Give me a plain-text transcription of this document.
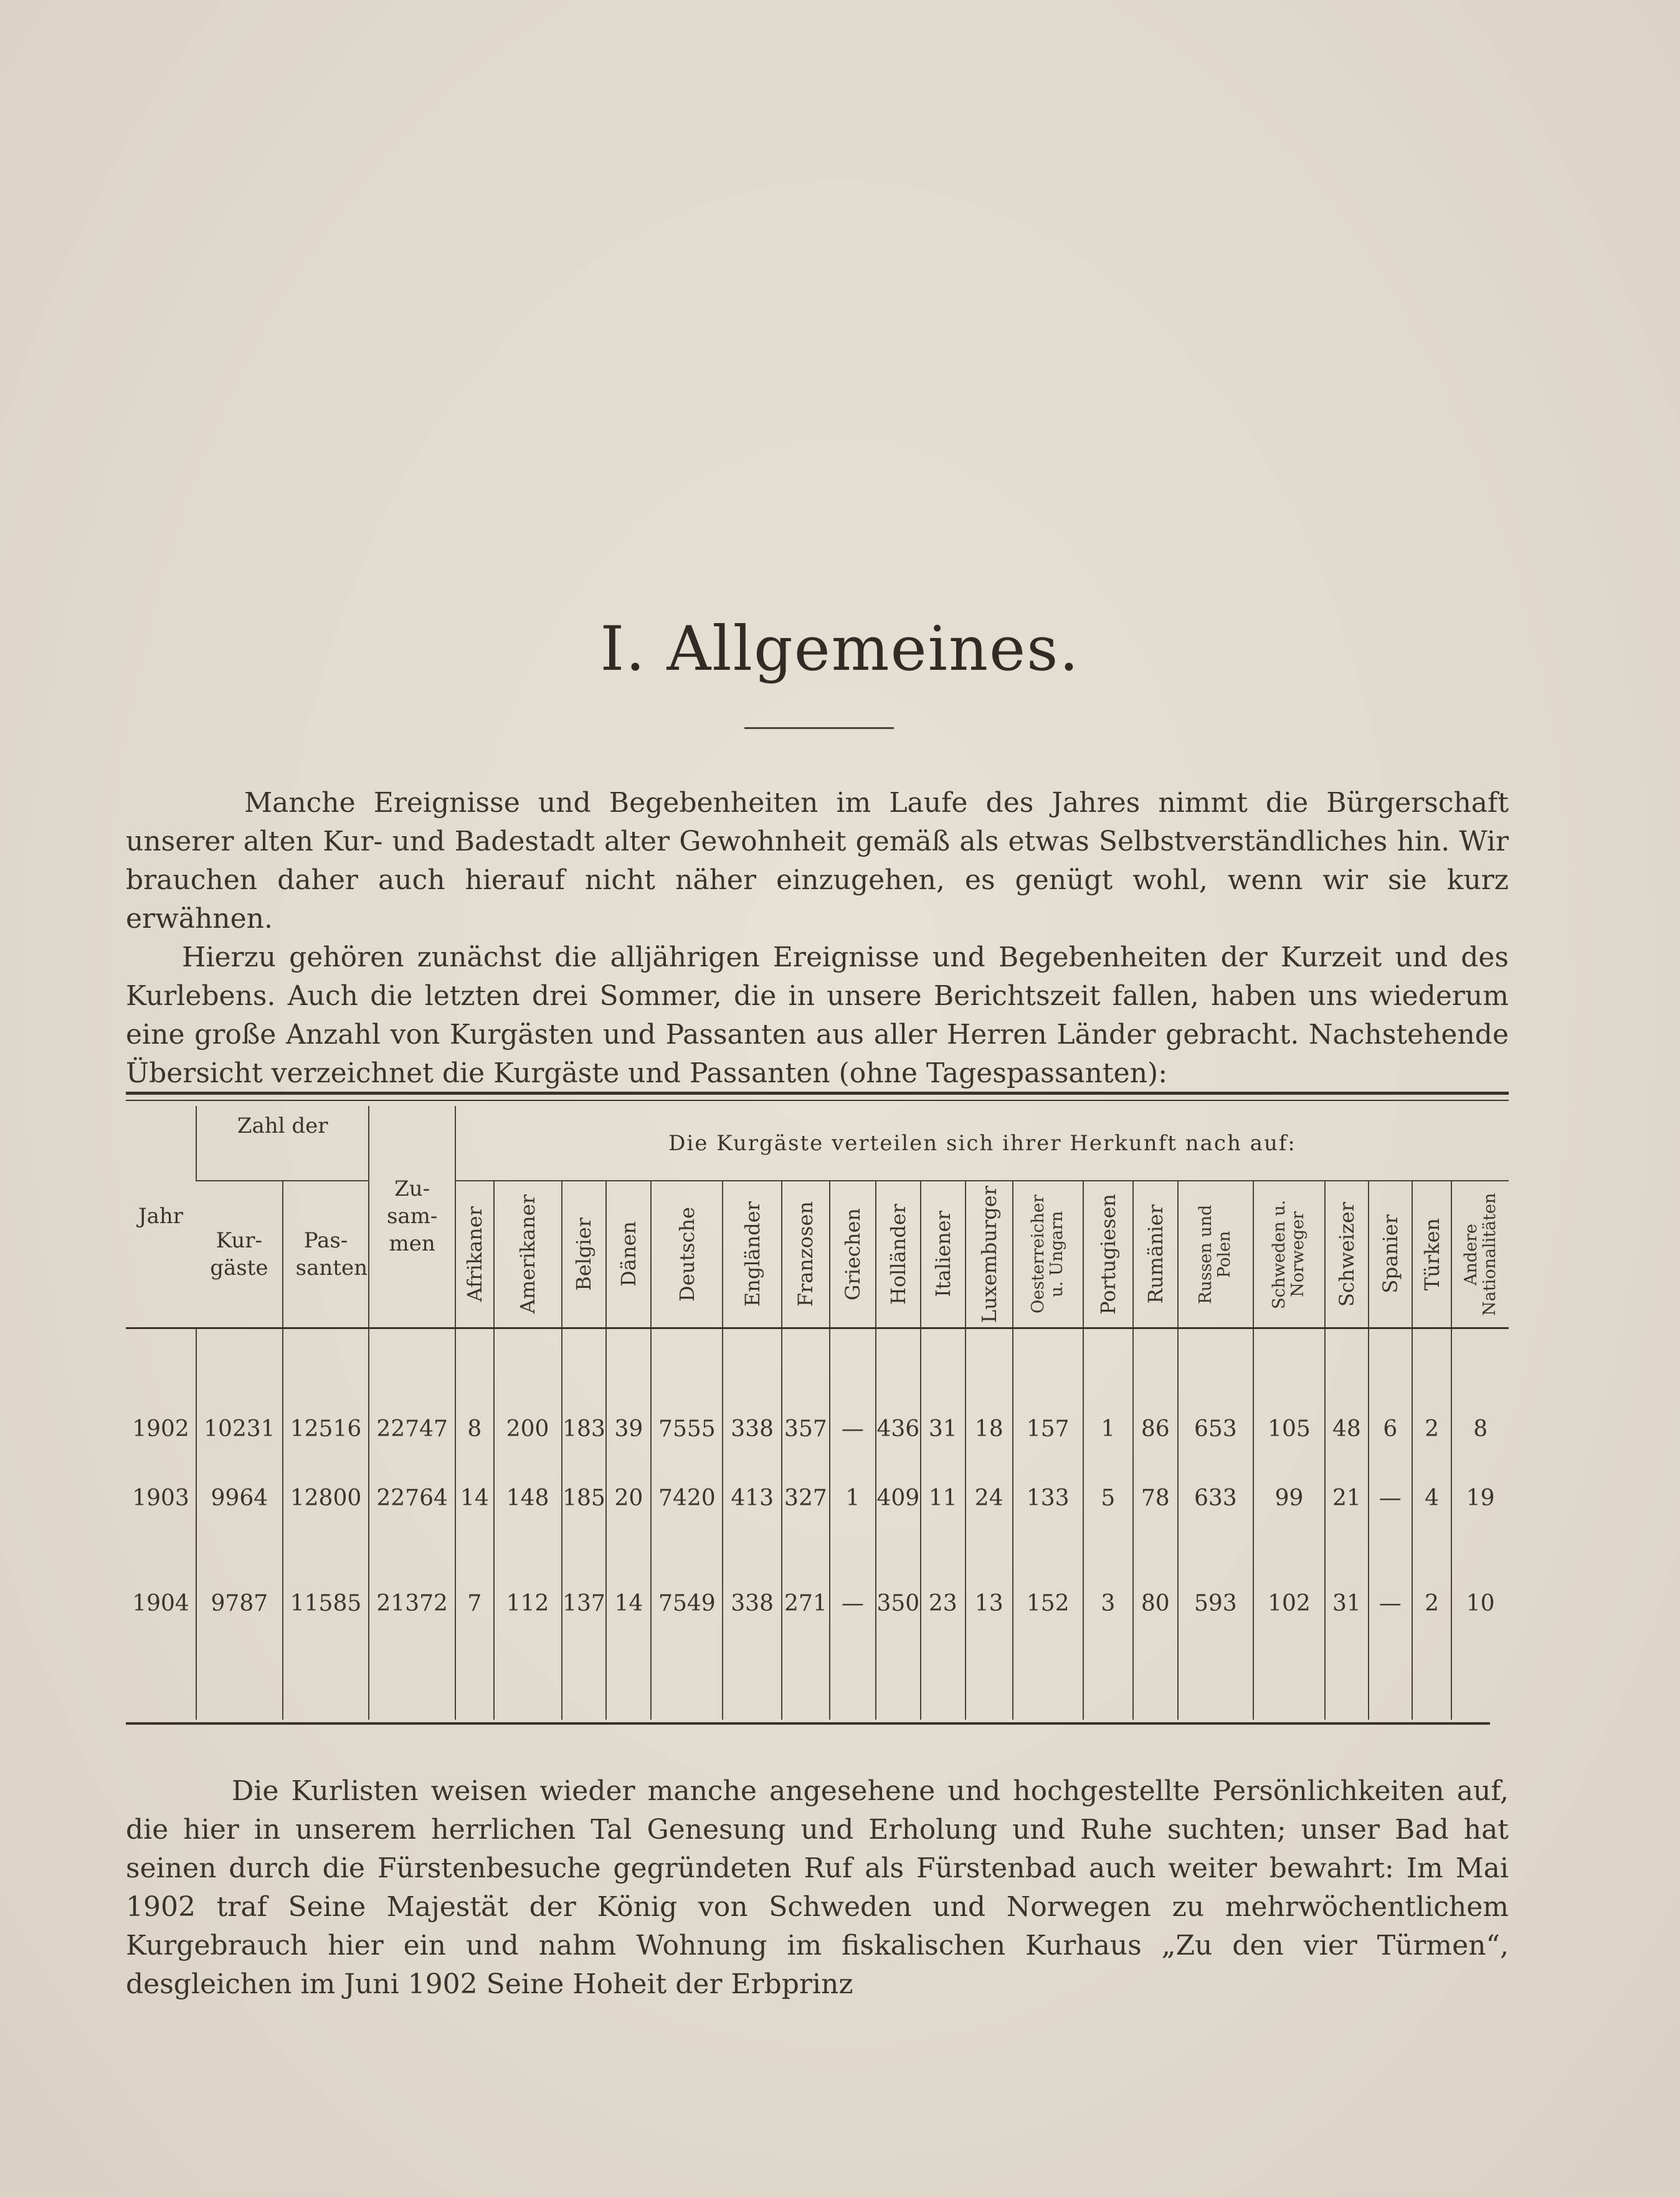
I. Allgemeines.
Manche Ereignisse und Begebenheiten im Laufe des Jahres nimmt die Bürgerschaft unserer alten Kur- und Badestadt alter Gewohnheit gemäß als etwas Selbstverständliches hin. Wir brauchen daher auch hierauf nicht näher einzugehen, es genügt wohl, wenn wir sie kurz erwähnen.
Hierzu gehören zunächst die alljährigen Ereignisse und Begebenheiten der Kurzeit und des Kurlebens. Auch die letzten drei Sommer, die in unsere Berichtszeit fallen, haben uns wiederum eine große Anzahl von Kurgästen und Passanten aus aller Herren Länder gebracht. Nachstehende Übersicht verzeichnet die Kurgäste und Passanten (ohne Tagespassanten):
Jahr	Zahl der		Zu-sam-men	Die Kurgäste verteilen sich ihrer Herkunft nach auf:																			
	Kur-gäste	Pas-santen		Afrikaner	Amerikaner	Belgier	Dänen	Deutsche	Engländer	Franzosen	Griechen	Holländer	Italiener	Luxemburger	Oesterreicher u. Ungarn	Portugiesen	Rumänier	Russen und Polen	Schweden u. Norweger	Schweizer	Spanier	Türken	Andere Nationalitäten

1902	10231	12516	22747	8	200	183	39	7555	338	357	—	436	31	18	157	1	86	653	105	48	6	2	8
1903	9964	12800	22764	14	148	185	20	7420	413	327	1	409	11	24	133	5	78	633	99	21	—	4	19
1904	9787	11585	21372	7	112	137	14	7549	338	271	—	350	23	13	152	3	80	593	102	31	—	2	10

Die Kurlisten weisen wieder manche angesehene und hochgestellte Persönlichkeiten auf, die hier in unserem herrlichen Tal Genesung und Erholung und Ruhe suchten; unser Bad hat seinen durch die Fürstenbesuche gegründeten Ruf als Fürstenbad auch weiter bewahrt: Im Mai 1902 traf Seine Majestät der König von Schweden und Norwegen zu mehrwöchentlichem Kurgebrauch hier ein und nahm Wohnung im fiskalischen Kurhaus „Zu den vier Türmen“, desgleichen im Juni 1902 Seine Hoheit der Erbprinz
